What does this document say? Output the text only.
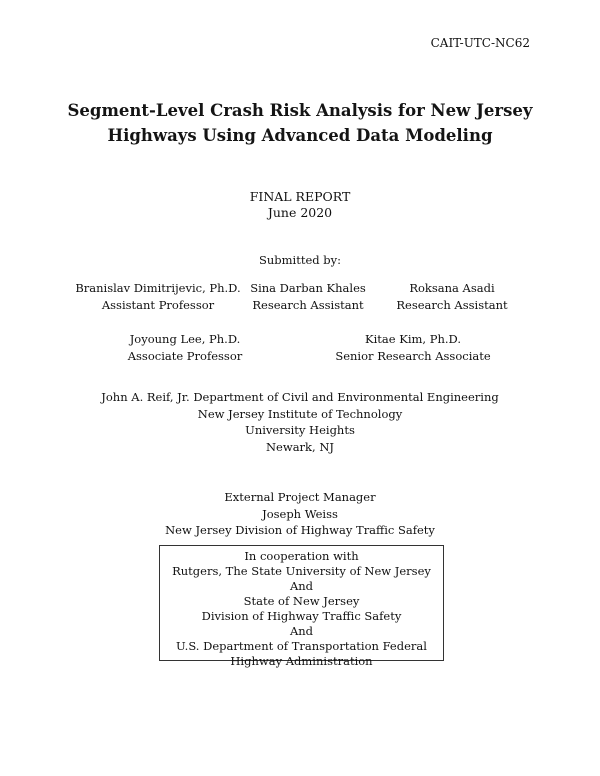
CAIT-UTC-NC62
Segment-Level Crash Risk Analysis for New Jersey
Highways Using Advanced Data Modeling
FINAL REPORT
June 2020
Submitted by:
Branislav Dimitrijevic, Ph.D.
Assistant Professor
Sina Darban Khales
Research Assistant
Roksana Asadi
Research Assistant
Joyoung Lee, Ph.D.
Associate Professor
Kitae Kim, Ph.D.
Senior Research Associate
John A. Reif, Jr. Department of Civil and Environmental Engineering
New Jersey Institute of Technology
University Heights
Newark, NJ
External Project Manager
Joseph Weiss
New Jersey Division of Highway Traffic Safety
In cooperation with
Rutgers, The State University of New Jersey And
State of New Jersey
Division of Highway Traffic Safety
And
U.S. Department of Transportation Federal
Highway Administration
